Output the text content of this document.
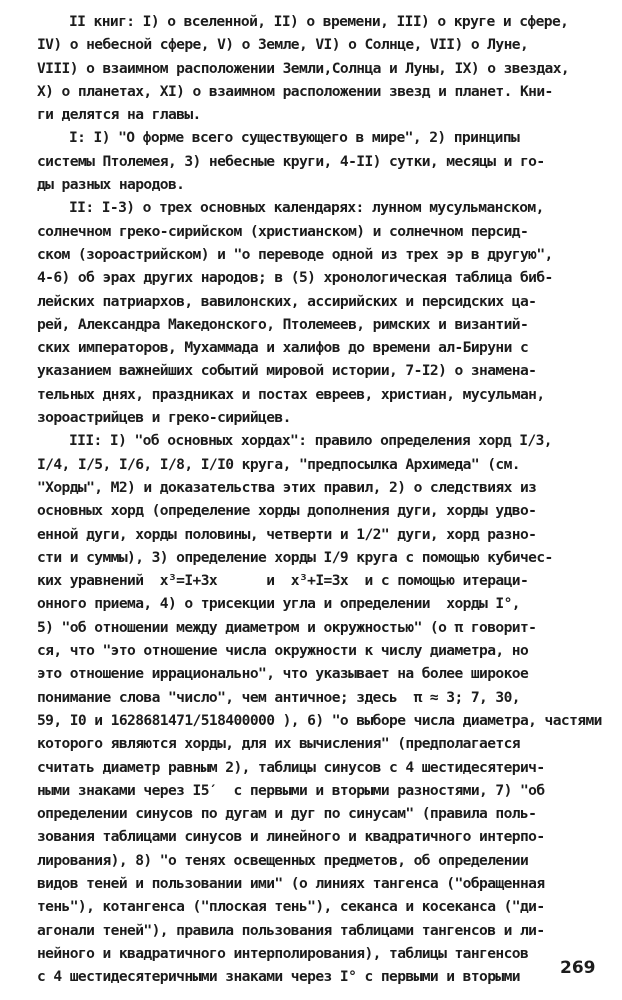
II книг: I) о вселенной, II) о времени, III) о круге и сфере,
IV) о небесной сфере, V) о Земле, VI) о Солнце, VII) о Луне,
VIII) о взаимном расположении Земли,Солнца и Луны, IX) о звездах,
X) о планетах, XI) о взаимном расположении звезд и планет. Кни-
ги делятся на главы.
I: I) "О форме всего существующего в мире", 2) принципы
системы Птолемея, 3) небесные круги, 4-II) сутки, месяцы и го-
ды разных народов.
II: I-3) о трех основных календарях: лунном мусульманском,
солнечном греко-сирийском (христианском) и солнечном персид-
ском (зороастрийском) и "о переводе одной из трех эр в другую",
4-6) об эрах других народов; в (5) хронологическая таблица биб-
лейских патриархов, вавилонских, ассирийских и персидских ца-
рей, Александра Македонского, Птолемеев, римских и византий-
ских императоров, Мухаммада и халифов до времени ал-Бируни с
указанием важнейших событий мировой истории, 7-I2) о знамена-
тельных днях, праздниках и постах евреев, христиан, мусульман,
зороастрийцев и греко-сирийцев.
III: I) "об основных хордах": правило определения хорд I/3,
I/4, I/5, I/6, I/8, I/I0 круга, "предпосылка Архимеда" (см.
"Хорды", М2) и доказательства этих правил, 2) о следствиях из
основных хорд (определение хорды дополнения дуги, хорды удво-
енной дуги, хорды половины, четверти и 1/2" дуги, хорд разно-
сти и суммы), 3) определение хорды I/9 круга с помощью кубичес-
ких уравнений  x³=I+3x      и  x³+I=3x  и с помощью итераци-
онного приема, 4) о трисекции угла и определении  хорды I°,
5) "об отношении между диаметром и окружностью" (о π говорит-
ся, что "это отношение числа окружности к числу диаметра, но
это отношение иррационально", что указывает на более широкое
понимание слова "число", чем античное; здесь  π ≈ 3; 7, 30,
59, I0 и 1628681471/518400000 ), 6) "о выборе числа диаметра, частями
которого являются хорды, для их вычисления" (предполагается
считать диаметр равным 2), таблицы синусов с 4 шестидесятерич-
ными знаками через I5′  с первыми и вторыми разностями, 7) "об
определении синусов по дугам и дуг по синусам" (правила поль-
зования таблицами синусов и линейного и квадратичного интерпо-
лирования), 8) "о тенях освещенных предметов, об определении
видов теней и пользовании ими" (о линиях тангенса ("обращенная
тень"), котангенса ("плоская тень"), секанса и косеканса ("ди-
агонали теней"), правила пользования таблицами тангенсов и ли-
нейного и квадратичного интерполирования), таблицы тангенсов
с 4 шестидесятеричными знаками через I° с первыми и вторыми	269
